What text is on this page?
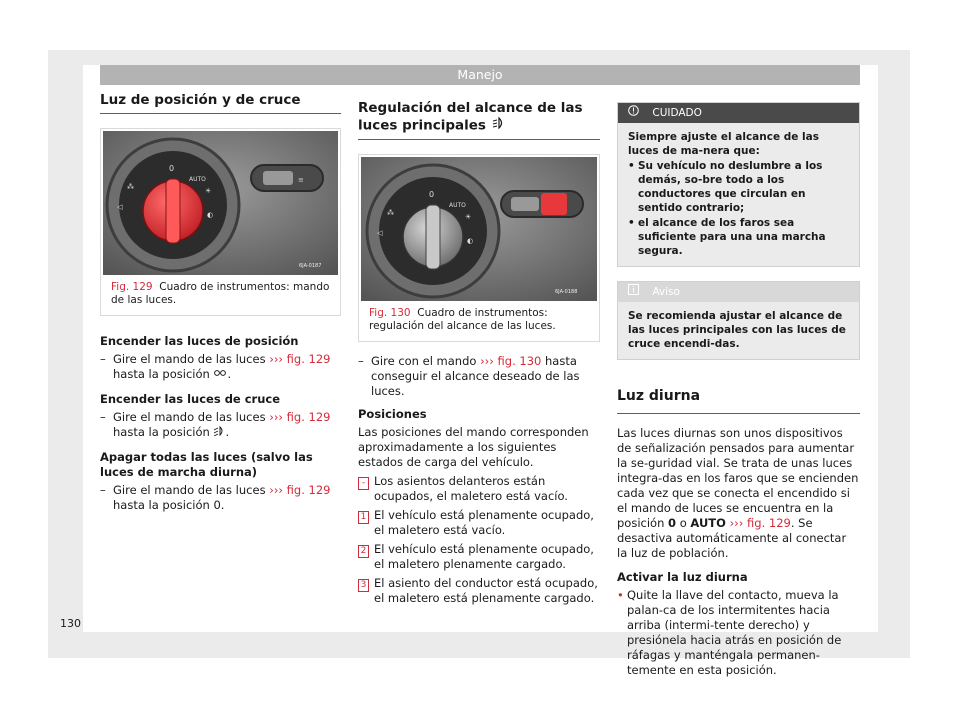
Manejo
Luz de posición y de cruce
0
AUTO
⁂
◁
☀
◐
≡
6JA-0187
Fig. 129 Cuadro de instrumentos: mando de las luces.

Encender las luces de posición

– Gire el mando de las luces ››› fig. 129 hasta la posición .

Encender las luces de cruce

– Gire el mando de las luces ››› fig. 129 hasta la posición .

Apagar todas las luces (salvo las luces de marcha diurna)

– Gire el mando de las luces ››› fig. 129 hasta la posición 0.
Regulación del alcance de las luces principales
0
AUTO
⁂
◁
☀
◐
6JA-0188
Fig. 130 Cuadro de instrumentos: regulación del alcance de las luces.
– Gire con el mando ››› fig. 130 hasta conseguir el alcance deseado de las luces.

Posiciones

Las posiciones del mando corresponden aproximadamente a los siguientes estados de carga del vehículo.

- Los asientos delanteros están ocupados, el maletero está vacío.
1 El vehículo está plenamente ocupado, el maletero está vacío.
2 El vehículo está plenamente ocupado, el maletero plenamente cargado.
3 El asiento del conductor está ocupado, el maletero está plenamente cargado.
CUIDADO
Siempre ajuste el alcance de las luces de ma-nera que:
• Su vehículo no deslumbre a los demás, so-bre todo a los conductores que circulan en sentido contrario;
• el alcance de los faros sea suficiente para una una marcha segura.
Aviso
Se recomienda ajustar el alcance de las luces principales con las luces de cruce encendi-das.
Luz diurna

Las luces diurnas son unos dispositivos de señalización pensados para aumentar la se-guridad vial. Se trata de unas luces integra-das en los faros que se encienden cada vez que se conecta el encendido si el mando de luces se encuentra en la posición 0 o AUTO ››› fig. 129. Se desactiva automáticamente al conectar la luz de población.

Activar la luz diurna

• Quite la llave del contacto, mueva la palan-ca de los intermitentes hacia arriba (intermi-tente derecho) y presiónela hacia atrás en posición de ráfagas y manténgala permanen-temente en esta posición.
130
